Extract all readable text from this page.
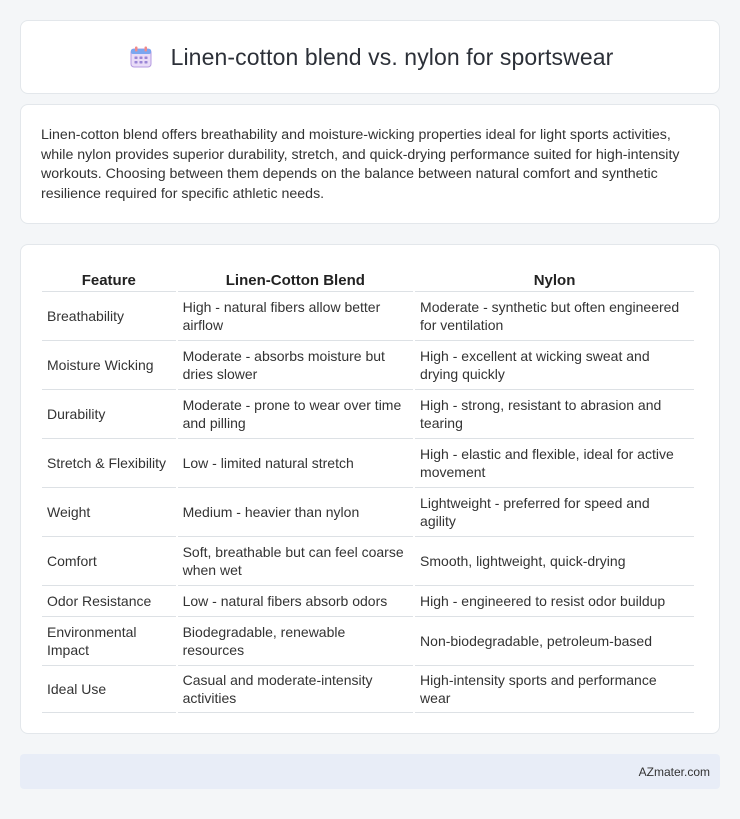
Linen-cotton blend vs. nylon for sportswear

Linen-cotton blend offers breathability and moisture-wicking properties ideal for light sports activities, while nylon provides superior durability, stretch, and quick-drying performance suited for high-intensity workouts. Choosing between them depends on the balance between natural comfort and synthetic resilience required for specific athletic needs.

Feature	Linen-Cotton Blend	Nylon
Breathability	High - natural fibers allow better airflow	Moderate - synthetic but often engineered for ventilation
Moisture Wicking	Moderate - absorbs moisture but dries slower	High - excellent at wicking sweat and drying quickly
Durability	Moderate - prone to wear over time and pilling	High - strong, resistant to abrasion and tearing
Stretch & Flexibility	Low - limited natural stretch	High - elastic and flexible, ideal for active movement
Weight	Medium - heavier than nylon	Lightweight - preferred for speed and agility
Comfort	Soft, breathable but can feel coarse when wet	Smooth, lightweight, quick-drying
Odor Resistance	Low - natural fibers absorb odors	High - engineered to resist odor buildup
Environmental Impact	Biodegradable, renewable resources	Non-biodegradable, petroleum-based
Ideal Use	Casual and moderate-intensity activities	High-intensity sports and performance wear
AZmater.com
